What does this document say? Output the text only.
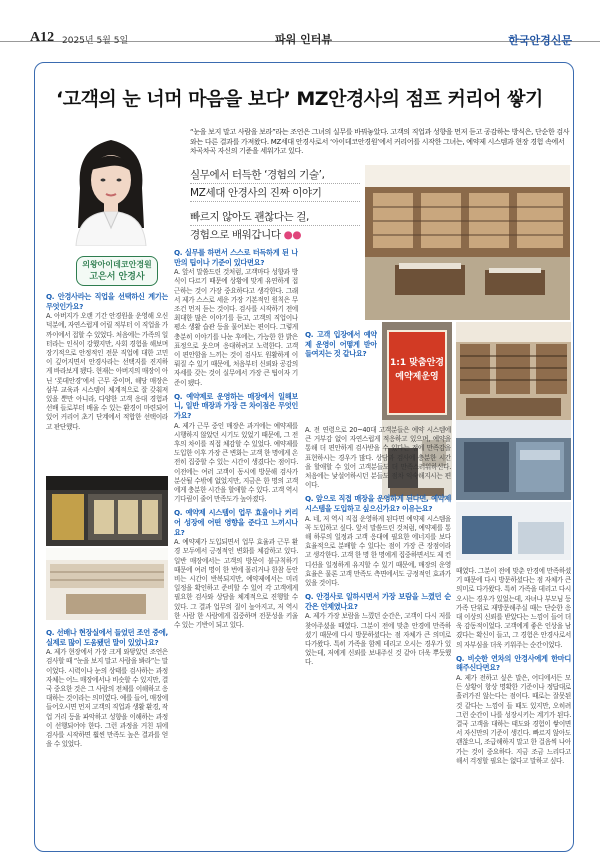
A12 2025년 5월 5일	파워 인터뷰	한국안경신문
‘고객의 눈 너머 마음을 보다’ MZ안경사의 점프 커리어 쌓기
의왕아이데코안경원
고은서 안경사
“눈을 보지 말고 사람을 보라”라는 조언은 그녀의 실무를 바꿔놓았다. 고객의 직업과 성향을 먼저 듣고 공감하는 방식은, 단순한 검사와는 다른 결과를 가져왔다. MZ세대 안경사로서 ‘아이데코안경원’에서 커리어를 시작한 그녀는, 예약제 시스템과 현장 경험 속에서 차곡차곡 자신의 기준을 세워가고 있다.

실무에서 터득한 ‘경험의 기술’,

MZ세대 안경사의 진짜 이야기

빠르지 않아도 괜찮다는 걸,

경험으로 배워갑니다 ●●

1:1 맞춤안경
예약제운영
Q. 안경사라는 직업을 선택하신 계기는 무엇인가요?
A. 아버지가 오랜 기간 안경원을 운영해 오신 덕분에, 자연스럽게 어릴 적부터 이 직업을 가까이에서 접할 수 있었다. 처음에는 가족의 일터라는 인식이 강했지만, 사회 경험을 해보며 장기적으로 안정적인 전문 직업에 대한 고민이 깊어지면서 안경사라는 선택지를 진지하게 바라보게 됐다. 현재는 아버지의 매장이 아닌 ‘롯데안경’에서 근무 중이며, 해당 매장은 삼부 교육과 시스템이 체계적으로 잘 갖춰져 있을 뿐만 아니라, 다양한 고객 응대 경험과 선배 들로부터 배울 수 있는 환경이 마련되어 있어 커리어 초기 단계에서 적합한 선택이라고 판단했다.
Q. 선배나 현장실에서 들었던 조언 중에, 실제로 많이 도움됐던 말이 있었나요?
A. 제가 현장에서 가장 크게 와닿았던 조언은 검사할 때 “눈을 보지 말고 사람을 봐라”는 말이었다. 시력이나 눈의 상태를 검사하는 과정 자체는 어느 매장에서나 비슷할 수 있지만, 결국 중요한 것은 그 사람의 전체를 이해하고 응대하는 것이라는 의미였다. 예를 들어, 매장에 들어오시면 먼저 고객의 직업과 생활 환경, 작업 거리 등을 파악하고 성향을 이해하는 과정이 선행되어야 한다. 그런 과정을 거친 뒤에 검사를 시작하면 훨씬 만족도 높은 결과를 얻을 수 있었다.
Q. 실무를 하면서 스스로 터득하게 된 나만의 팁이나 기준이 있다면요?
A. 앞서 말씀드린 것처럼, 고객마다 성향과 방식이 다르기 때문에 상황에 맞게 유연하게 접근하는 것이 가장 중요하다고 생각한다. 그래서 제가 스스로 세운 가장 기본적인 원칙은 무조건 먼저 듣는 것이다. 검사를 시작하기 전에 최대한 많은 이야기를 듣고, 고객의 직업이나 평소 생활 습관 등을 물어보는 편이다. 그렇게 충분히 이야기를 나눈 후에는, 가능한 한 밝은 표정으로 웃으며 응대하려고 노력한다. 고객이 편안함을 느끼는 것이 검사도 원활하게 이뤄질 수 있기 때문에, 처음부터 신뢰와 공감의 자세를 갖는 것이 실무에서 가장 큰 팁이자 기준이 됐다.
Q. 예약제로 운영하는 매장에서 일해보니, 일반 매장과 가장 큰 차이점은 무엇인가요?
A. 제가 근무 중인 매장은 과거에는 예약제를 시행하지 않았던 시기도 있었기 때문에, 그 전후의 차이를 직접 체감할 수 있었다. 예약제를 도입한 이후 가장 큰 변화는 고객 한 명에게 온전히 집중할 수 있는 시간이 생겼다는 점이다. 이전에는 여러 고객이 동시에 방문해 검사가 분산될 수밖에 없었지만, 지금은 한 명의 고객에게 충분한 시간을 할애할 수 있다. 고객 역시 기다림이 줄어 만족도가 높아졌다.
Q. 예약제 시스템이 업무 효율이나 커리어 성장에 어떤 영향을 준다고 느끼시나요?
A. 예약제가 도입되면서 업무 효율과 근무 환경 모두에서 긍정적인 변화를 체감하고 있다. 일반 매장에서는 고객의 방문이 불규칙하기 때문에 여러 명이 한 번에 몰리거나 한참 동안 비는 시간이 반복되지만, 예약제에서는 미리 일정을 확인하고 준비할 수 있어 각 고객에게 필요한 검사와 상담을 체계적으로 진행할 수 있다. 그 결과 업무의 질이 높아지고, 저 역시 한 사람 한 사람에게 집중하며 전문성을 키울 수 있는 기반이 되고 있다.
Q. 고객 입장에서 예약제 운영이 어떻게 받아들여지는 것 같나요?
A. 전 연령으로 20~40대 고객분들은 예약 시스템에 큰 거부감 없이 자연스럽게 적응하고 있으며, 예약을 통해 더 편안하게 검사받을 수 있다는 점에 만족감을 표현하시는 경우가 많다. 상담과 검사에 충분한 시간을 할애할 수 있어 고객분들도 더 만족스러워하신다. 처음에는 낯설어하시던 분들도 점차 익숙해지시는 편이다.
Q. 앞으로 직접 매장을 운영하게 된다면, 예약제 시스템을 도입하고 싶으신가요? 이유는요?
A. 네, 저 역시 직접 운영하게 된다면 예약제 시스템을 꼭 도입하고 싶다. 앞서 말씀드린 것처럼, 예약제를 통해 하루의 일정과 고객 응대에 필요한 에너지를 보다 효율적으로 분배할 수 있다는 점이 가장 큰 장점이라고 생각한다. 고객 한 명 한 명에게 집중하면서도 제 컨디션을 일정하게 유지할 수 있기 때문에, 매장의 운영 효율은 물론 고객 만족도 측면에서도 긍정적인 효과가 있을 것이다.
Q. 안경사로 일하시면서 가장 보람을 느꼈던 순간은 언제였나요?
A. 제가 가장 보람을 느꼈던 순간은, 고객이 다시 저를 찾아주셨을 때였다. 그분이 전에 맞춘 안경에 만족하셨기 때문에 다시 방문하셨다는 점 자체가 큰 의미로 다가왔다. 특히 가족을 함께 데리고 오시는 경우가 있었는데, 저에게 신뢰를 보내주신 것 같아 더욱 뿌듯했다.
때였다. 그분이 전에 맞춘 안경에 만족하셨기 때문에 다시 방문하셨다는 점 자체가 큰 의미로 다가왔다. 특히 가족을 데리고 다시 오시는 경우가 있었는데, 자녀나 부모님 등 가족 단위로 재방문해주실 때는 단순한 응대 이상의 신뢰를 받았다는 느낌이 들어 더욱 감동적이었다. 고객에게 좋은 인상을 남겼다는 확신이 들고, 그 경험은 안경사로서의 자부심을 더욱 키워주는 순간이었다.
Q. 비슷한 연차의 안경사에게 한마디 해주신다면요?
A. 제가 전하고 싶은 말은, 어디에서든 모든 상황이 항상 명확한 기준이나 정답대로 흘러가진 않는다는 점이다. 때로는 잘못된 것 같다는 느낌이 들 때도 있지만, 오히려 그런 순간이 나를 성장시키는 계기가 된다. 결국 고객을 대하는 태도와 경험이 쌓이면서 자신만의 기준이 생긴다. 빠르지 않아도 괜찮으니, 조급해하지 말고 한 걸음씩 나아가는 것이 중요하다. 지금 조금 느리다고 해서 걱정할 필요는 없다고 말하고 싶다.
